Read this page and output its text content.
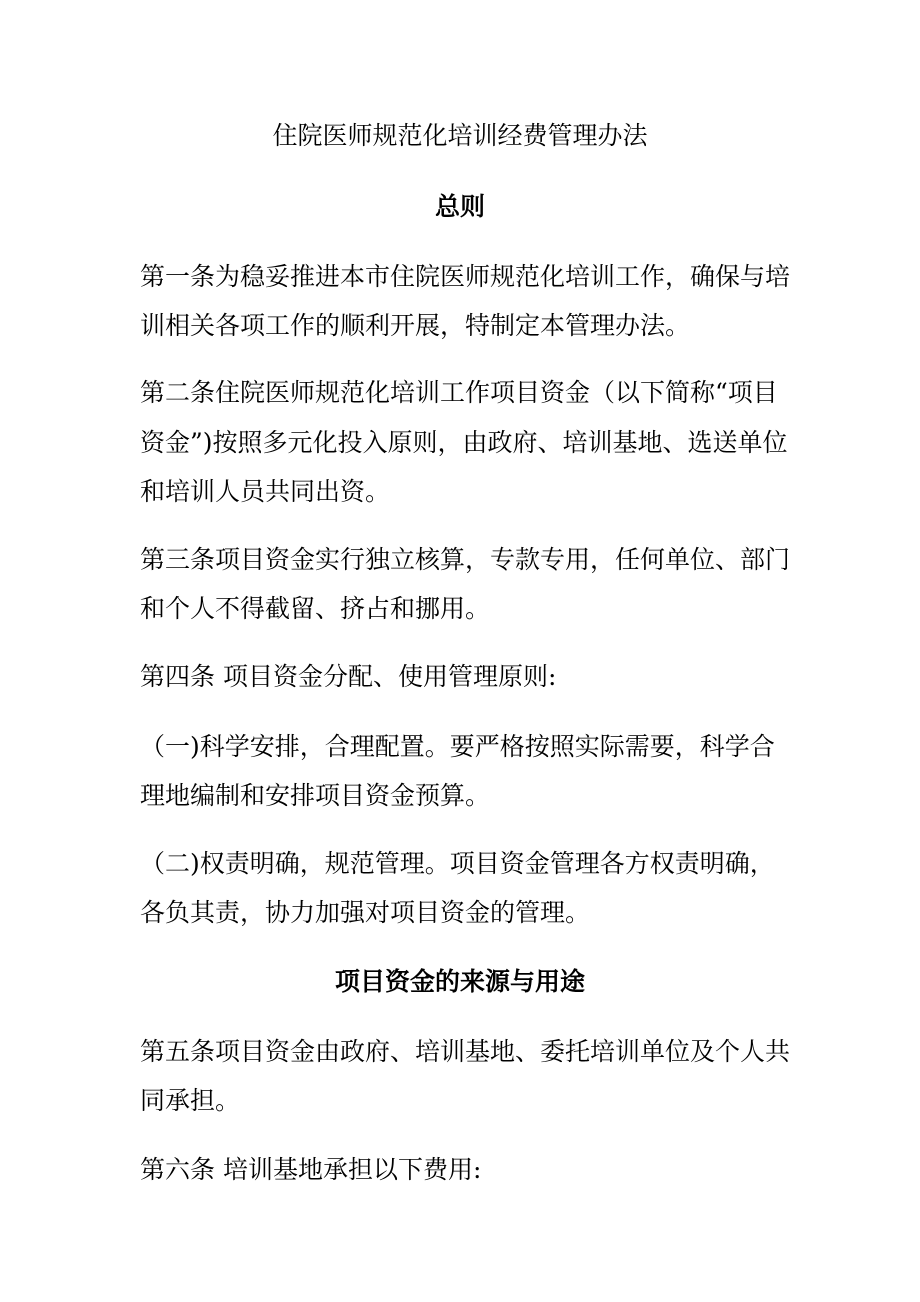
住院医师规范化培训经费管理办法
总则
第一条为稳妥推进本市住院医师规范化培训工作，确保与培
训相关各项工作的顺利开展，特制定本管理办法。
第二条住院医师规范化培训工作项目资金（以下简称“项目
资金”)按照多元化投入原则，由政府、培训基地、选送单位
和培训人员共同出资。
第三条项目资金实行独立核算，专款专用，任何单位、部门
和个人不得截留、挤占和挪用。
第四条 项目资金分配、使用管理原则:
（一)科学安排，合理配置。要严格按照实际需要，科学合
理地编制和安排项目资金预算。
（二)权责明确，规范管理。项目资金管理各方权责明确，
各负其责，协力加强对项目资金的管理。
项目资金的来源与用途
第五条项目资金由政府、培训基地、委托培训单位及个人共
同承担。
第六条 培训基地承担以下费用:
